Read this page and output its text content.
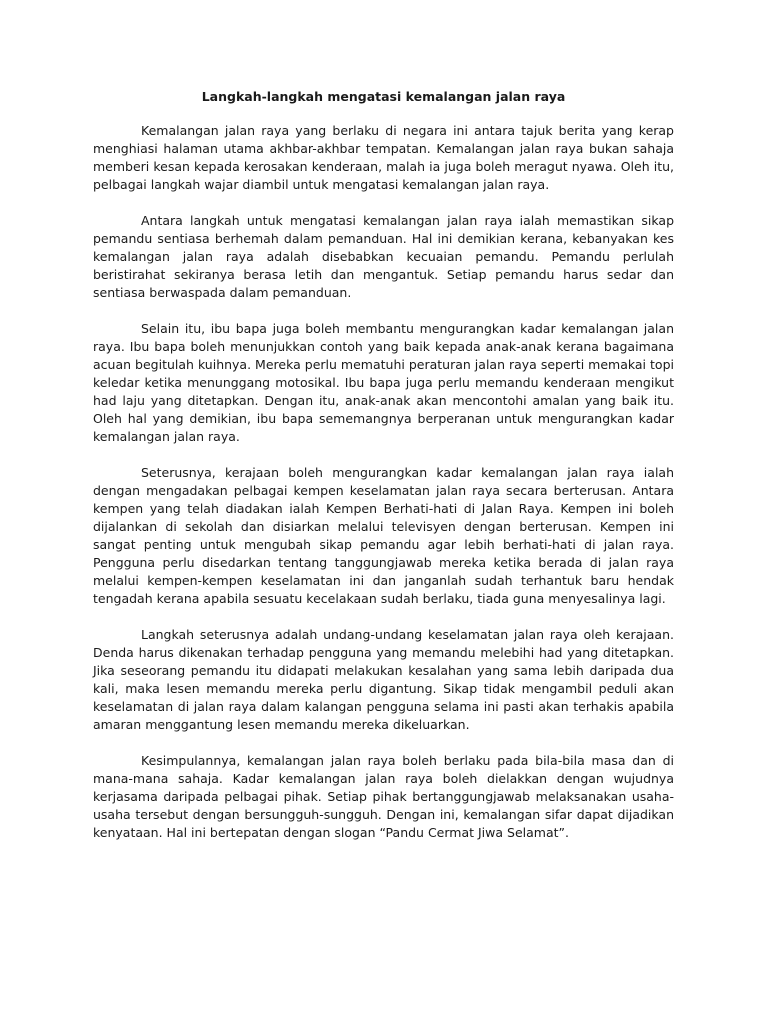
Langkah-langkah mengatasi kemalangan jalan raya

Kemalangan jalan raya yang berlaku di negara ini antara tajuk berita yang kerap menghiasi halaman utama akhbar-akhbar tempatan. Kemalangan jalan raya bukan sahaja memberi kesan kepada kerosakan kenderaan, malah ia juga boleh meragut nyawa. Oleh itu, pelbagai langkah wajar diambil untuk mengatasi kemalangan jalan raya.

Antara langkah untuk mengatasi kemalangan jalan raya ialah memastikan sikap pemandu sentiasa berhemah dalam pemanduan. Hal ini demikian kerana, kebanyakan kes kemalangan jalan raya adalah disebabkan kecuaian pemandu. Pemandu perlulah beristirahat sekiranya berasa letih dan mengantuk. Setiap pemandu harus sedar dan sentiasa berwaspada dalam pemanduan.

Selain itu, ibu bapa juga boleh membantu mengurangkan kadar kemalangan jalan raya. Ibu bapa boleh menunjukkan contoh yang baik kepada anak-anak kerana bagaimana acuan begitulah kuihnya. Mereka perlu mematuhi peraturan jalan raya seperti memakai topi keledar ketika menunggang motosikal. Ibu bapa juga perlu memandu kenderaan mengikut had laju yang ditetapkan. Dengan itu, anak-anak akan mencontohi amalan yang baik itu. Oleh hal yang demikian, ibu bapa sememangnya berperanan untuk mengurangkan kadar kemalangan jalan raya.

Seterusnya, kerajaan boleh mengurangkan kadar kemalangan jalan raya ialah dengan mengadakan pelbagai kempen keselamatan jalan raya secara berterusan. Antara kempen yang telah diadakan ialah Kempen Berhati-hati di Jalan Raya. Kempen ini boleh dijalankan di sekolah dan disiarkan melalui televisyen dengan berterusan. Kempen ini sangat penting untuk mengubah sikap pemandu agar lebih berhati-hati di jalan raya. Pengguna perlu disedarkan tentang tanggungjawab mereka ketika berada di jalan raya melalui kempen-kempen keselamatan ini dan janganlah sudah terhantuk baru hendak tengadah kerana apabila sesuatu kecelakaan sudah berlaku, tiada guna menyesalinya lagi.

Langkah seterusnya adalah undang-undang keselamatan jalan raya oleh kerajaan. Denda harus dikenakan terhadap pengguna yang memandu melebihi had yang ditetapkan. Jika seseorang pemandu itu didapati melakukan kesalahan yang sama lebih daripada dua kali, maka lesen memandu mereka perlu digantung. Sikap tidak mengambil peduli akan keselamatan di jalan raya dalam kalangan pengguna selama ini pasti akan terhakis apabila amaran menggantung lesen memandu mereka dikeluarkan.

Kesimpulannya, kemalangan jalan raya boleh berlaku pada bila-bila masa dan di mana-mana sahaja. Kadar kemalangan jalan raya boleh dielakkan dengan wujudnya kerjasama daripada pelbagai pihak. Setiap pihak bertanggungjawab melaksanakan usaha-usaha tersebut dengan bersungguh-sungguh. Dengan ini, kemalangan sifar dapat dijadikan kenyataan. Hal ini bertepatan dengan slogan “Pandu Cermat Jiwa Selamat”.
